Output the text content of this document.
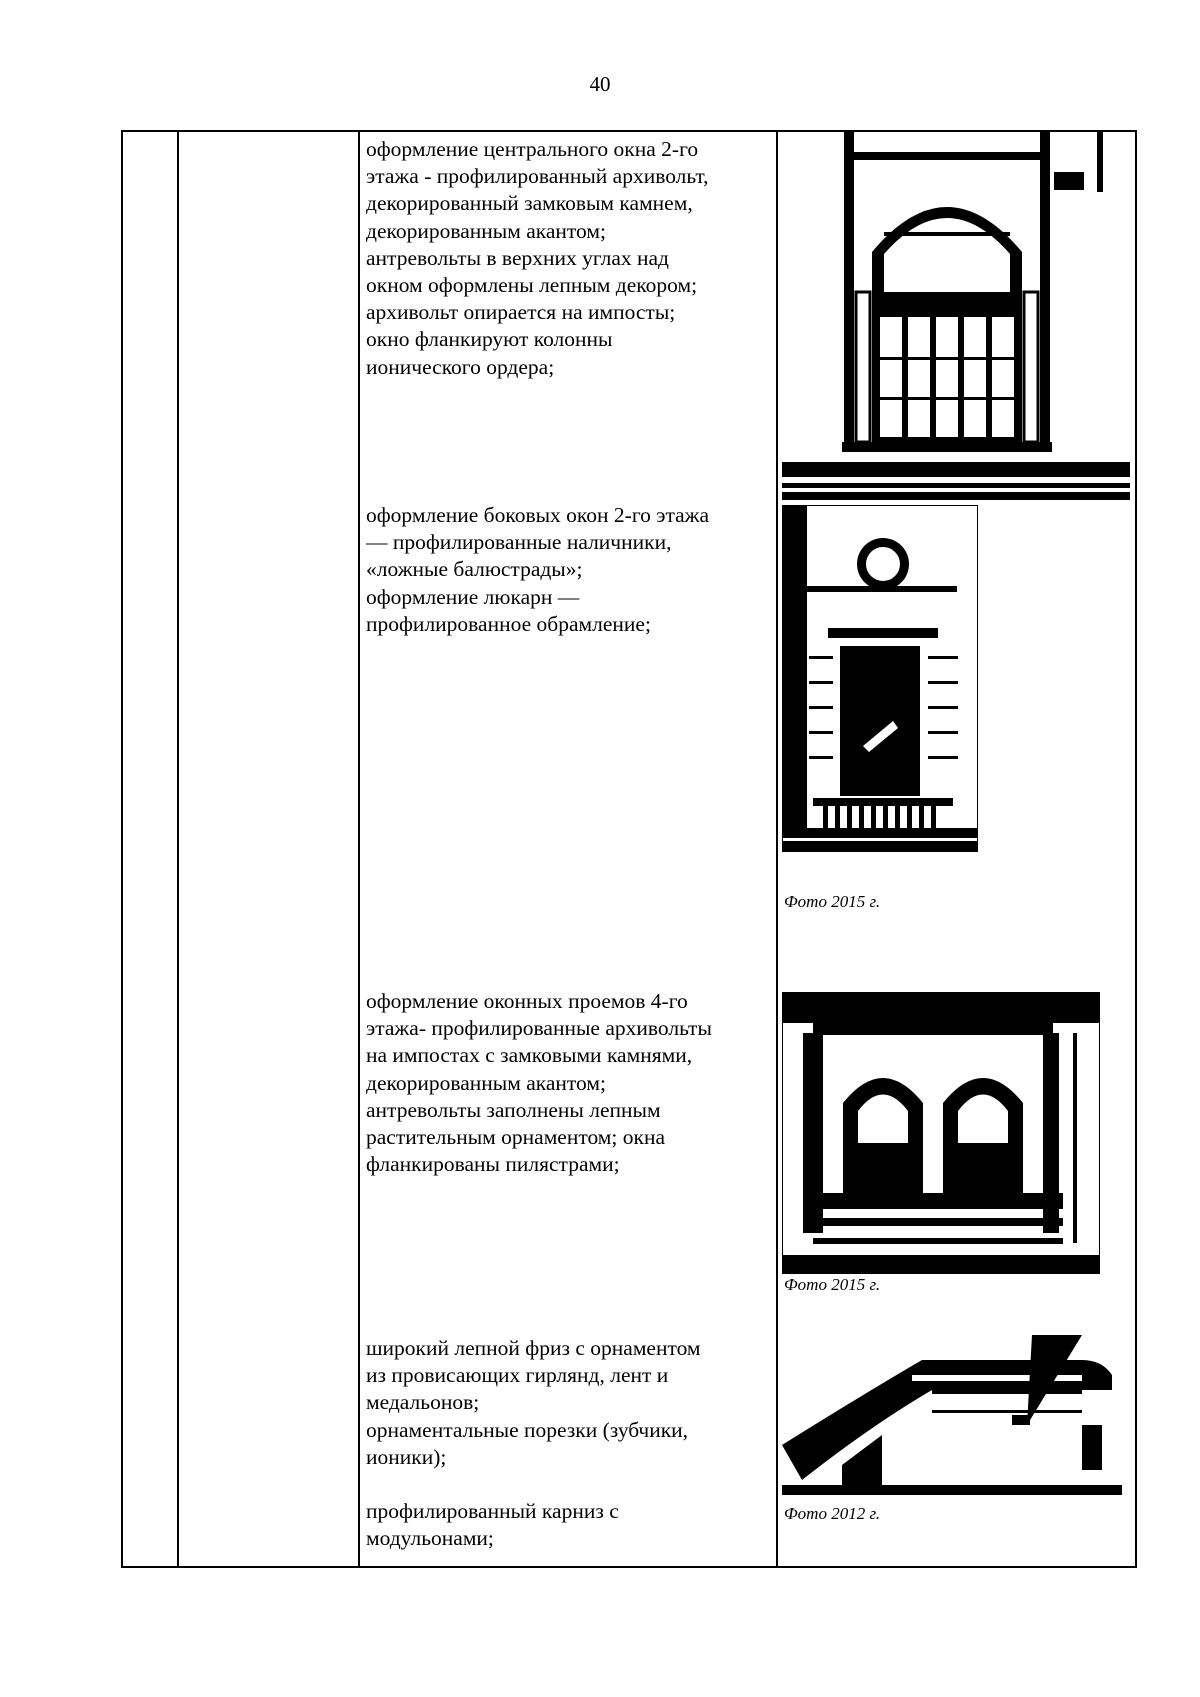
40

оформление центрального окна 2-го

этажа - профилированный архивольт,

декорированный замковым камнем,

декорированным акантом;

антревольты в верхних углах над

окном оформлены лепным декором;

архивольт опирается на импосты;

окно фланкируют колонны

ионического ордера;

Фото 2013 г.

оформление боковых окон 2-го этажа

— профилированные наличники,

«ложные балюстрады»;

оформление люкарн —

профилированное обрамление;

Фото 2015 г.

оформление оконных проемов 4-го

этажа- профилированные архивольты

на импостах с замковыми камнями,

декорированным акантом;

антревольты заполнены лепным

растительным орнаментом; окна

фланкированы пилястрами;

Фото 2015 г.

широкий лепной фриз с орнаментом

из провисающих гирлянд, лент и

медальонов;

орнаментальные порезки (зубчики,

ионики);

профилированный карниз с

модульонами;

Фото 2012 г.
